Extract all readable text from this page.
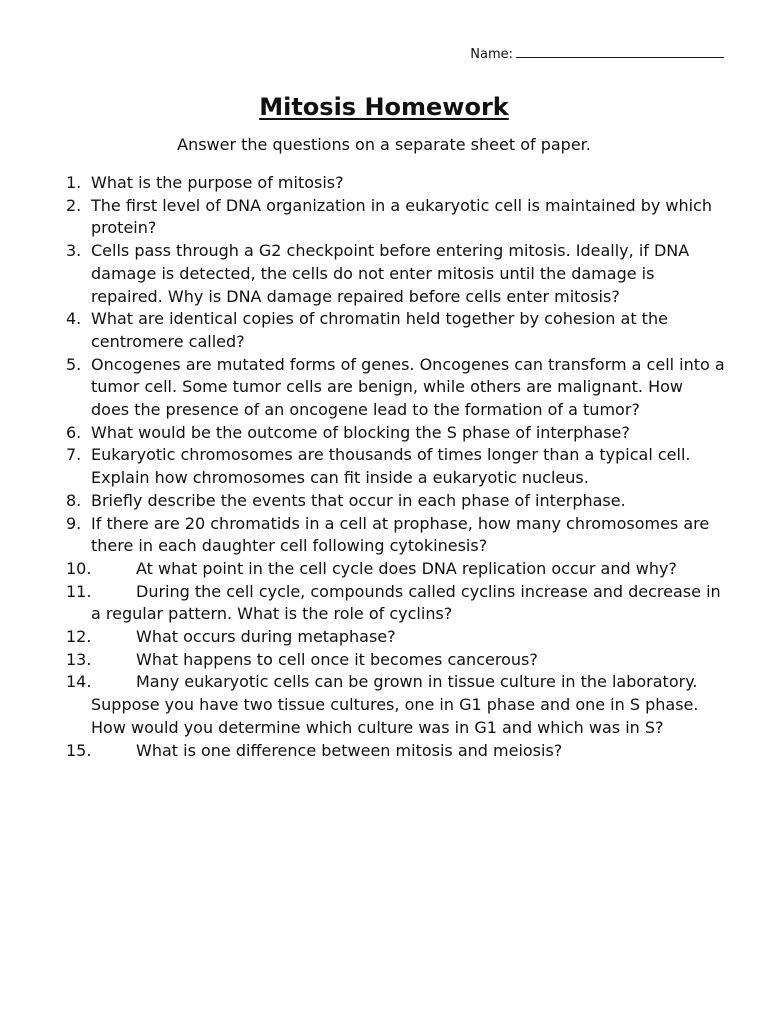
Name:
Mitosis Homework
Answer the questions on a separate sheet of paper.
1. What is the purpose of mitosis?
2. The first level of DNA organization in a eukaryotic cell is maintained by which protein?
3. Cells pass through a G2 checkpoint before entering mitosis. Ideally, if DNA damage is detected, the cells do not enter mitosis until the damage is repaired. Why is DNA damage repaired before cells enter mitosis?
4. What are identical copies of chromatin held together by cohesion at the centromere called?
5. Oncogenes are mutated forms of genes. Oncogenes can transform a cell into a tumor cell. Some tumor cells are benign, while others are malignant. How does the presence of an oncogene lead to the formation of a tumor?
6. What would be the outcome of blocking the S phase of interphase?
7. Eukaryotic chromosomes are thousands of times longer than a typical cell. Explain how chromosomes can fit inside a eukaryotic nucleus.
8. Briefly describe the events that occur in each phase of interphase.
9. If there are 20 chromatids in a cell at prophase, how many chromosomes are there in each daughter cell following cytokinesis?
10.	At what point in the cell cycle does DNA replication occur and why?
11.	During the cell cycle, compounds called cyclins increase and decrease in a regular pattern. What is the role of cyclins?
12.	What occurs during metaphase?
13.	What happens to cell once it becomes cancerous?
14.	Many eukaryotic cells can be grown in tissue culture in the laboratory. Suppose you have two tissue cultures, one in G1 phase and one in S phase. How would you determine which culture was in G1 and which was in S?
15.	What is one difference between mitosis and meiosis?
